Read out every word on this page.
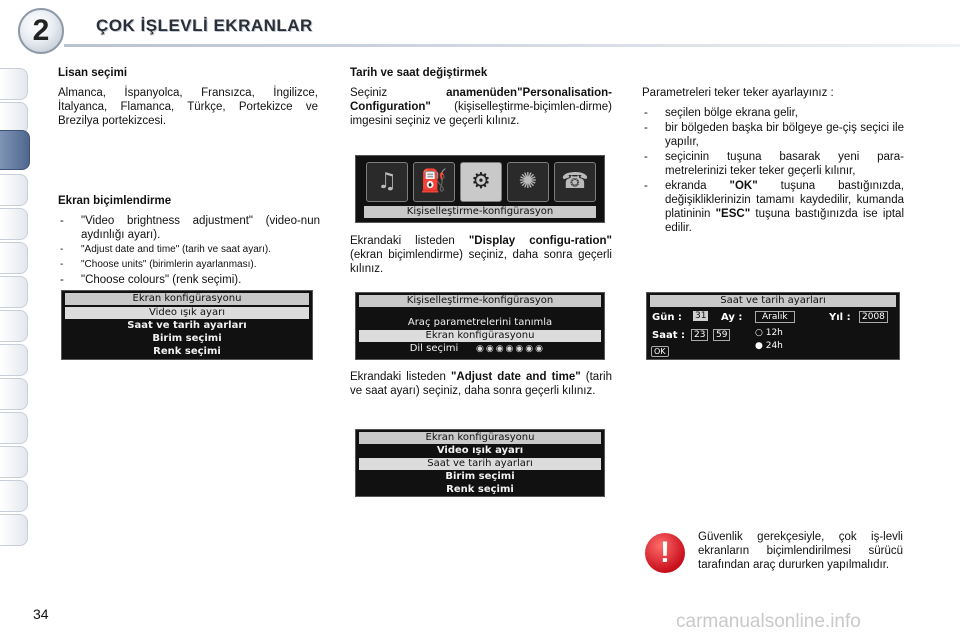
2	ÇOK İŞLEVLİ EKRANLAR
Lisan seçimi

Almanca, İspanyolca, Fransızca, İngilizce, İtalyanca, Flamanca, Türkçe, Portekizce ve Brezilya portekizcesi.

Ekran biçimlendirme
- "Video brightness adjustment" (video-nun aydınlığı ayarı).
- "Adjust date and time" (tarih ve saat ayarı).
- "Choose units" (birimlerin ayarlanması).
- "Choose colours" (renk seçimi).
Ekran konfigürasyonu
Video ışık ayarı
Saat ve tarih ayarları
Birim seçimi
Renk seçimi
Tarih ve saat değiştirmek

Seçiniz anamenüden"Personalisation-Configuration" (kişiselleştirme-biçimlen-dirme) imgesini seçiniz ve geçerli kılınız.

♫	⛽	⚙	✺	☎
Kişiselleştirme-konfigürasyon

Ekrandaki listeden "Display configu-ration" (ekran biçimlendirme) seçiniz, daha sonra geçerli kılınız.

Kişiselleştirme-konfigürasyon
Araç parametrelerini tanımla
Ekran konfigürasyonu
Dil seçimi	◉◉◉◉◉◉◉

Ekrandaki listeden "Adjust date and time" (tarih ve saat ayarı) seçiniz, daha sonra geçerli kılınız.

Ekran konfigürasyonu
Video ışık ayarı
Saat ve tarih ayarları
Birim seçimi
Renk seçimi

Parametreleri teker teker ayarlayınız :

- seçilen bölge ekrana gelir,
- bir bölgeden başka bir bölgeye ge-çiş seçici ile yapılır,
- seçicinin tuşuna basarak yeni para-metrelerinizi teker teker geçerli kılınır,
- ekranda "OK" tuşuna bastığınızda, değişikliklerinizin tamamı kaydedilir, kumanda platininin "ESC" tuşuna bastığınızda ise iptal edilir.
Saat ve tarih ayarları
Gün : 31 Ay :	Aralık	Yıl :	2008
Saat :	23	59	○ 12h
● 24h
OK
!	Güvenlik gerekçesiyle, çok iş-levli ekranların biçimlendirilmesi sürücü tarafından araç dururken yapılmalıdır.

34	carmanualsonline.info
